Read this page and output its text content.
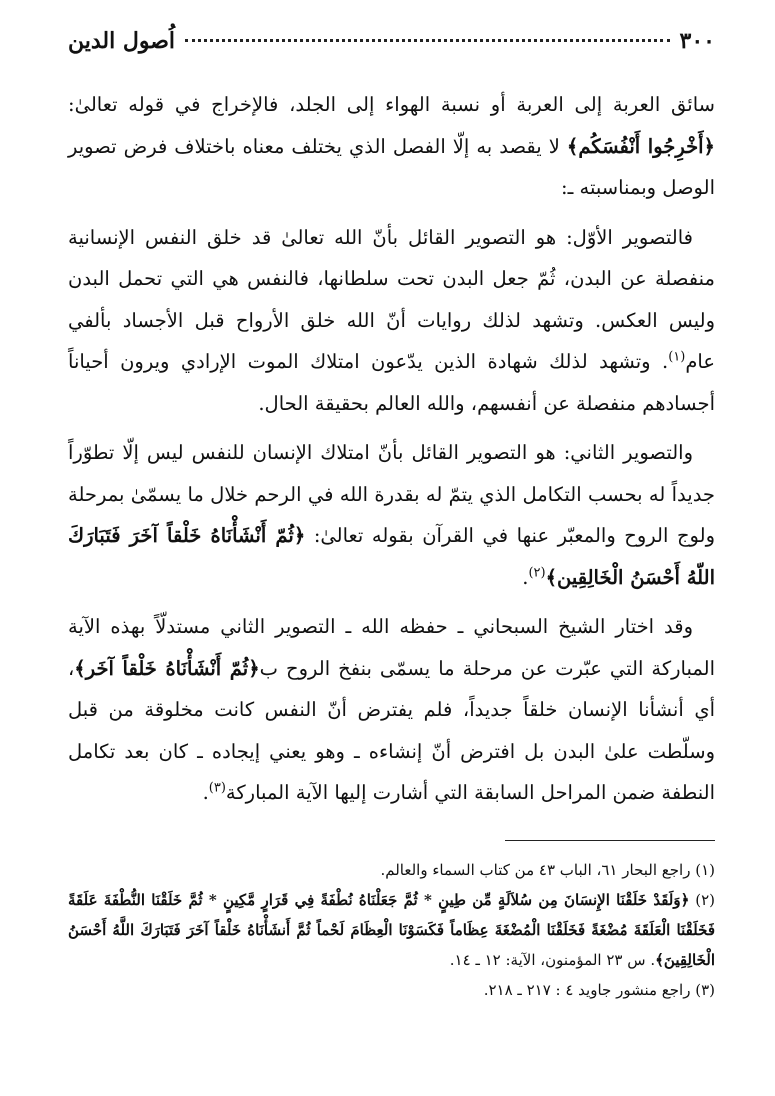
٣٠٠
اُصول الدين

سائق العربة إلى العربة أو نسبة الهواء إلى الجلد، فالإخراج في قوله تعالىٰ: ﴿أَخْرِجُوا أَنْفُسَكُم﴾ لا يقصد به إلّا الفصل الذي يختلف معناه باختلاف فرض تصوير الوصل وبمناسبته ـ:

فالتصوير الأوّل: هو التصوير القائل بأنّ الله تعالىٰ قد خلق النفس الإنسانية منفصلة عن البدن، ثُمّ جعل البدن تحت سلطانها، فالنفس هي التي تحمل البدن وليس العكس. وتشهد لذلك روايات أنّ الله خلق الأرواح قبل الأجساد بألفي عام$^{(١)}$. وتشهد لذلك شهادة الذين يدّعون امتلاك الموت الإرادي ويرون أحياناً أجسادهم منفصلة عن أنفسهم، والله العالم بحقيقة الحال.

والتصوير الثاني: هو التصوير القائل بأنّ امتلاك الإنسان للنفس ليس إلّا تطوّراً جديداً له بحسب التكامل الذي يتمّ له بقدرة الله في الرحم خلال ما يسمّىٰ بمرحلة ولوج الروح والمعبّر عنها في القرآن بقوله تعالىٰ: ﴿ثُمّ أَنْشَأْنَاهُ خَلْقاً آخَرَ فَتَبَارَكَ اللّهُ أَحْسَنُ الْخَالِقِين﴾$^{(٢)}$.

وقد اختار الشيخ السبحاني ـ حفظه الله ـ التصوير الثاني مستدلّاً بهذه الآية المباركة التي عبّرت عن مرحلة ما يسمّى بنفخ الروح ب﴿ثُمّ أَنْشَأْنَاهُ خَلْقاً آخَر﴾، أي أنشأنا الإنسان خلقاً جديداً، فلم يفترض أنّ النفس كانت مخلوقة من قبل وسلّطت علىٰ البدن بل افترض أنّ إنشاءه ـ وهو يعني إيجاده ـ كان بعد تكامل النطفة ضمن المراحل السابقة التي أشارت إليها الآية المباركة$^{(٣)}$.

(١) راجع البحار ٦١، الباب ٤٣ من كتاب السماء والعالم.

(٢) ﴿وَلَقَدْ خَلَقْنَا الإِنسَانَ مِن سُلاَلَةٍ مِّن طِينٍ * ثُمَّ جَعَلْنَاهُ نُطْفَةً فِي قَرَارٍ مَّكِينٍ * ثُمَّ خَلَقْنَا النُّطْفَةَ عَلَقَةً فَخَلَقْنَا الْعَلَقَةَ مُضْغَةً فَخَلَقْنَا الْمُضْغَةَ عِظَاماً فَكَسَوْنَا الْعِظَامَ لَحْماً ثُمَّ أَنشَأْنَاهُ خَلْقاً آخَرَ فَتَبَارَكَ اللَّهُ أَحْسَنُ الْخَالِقِينَ﴾. س ٢٣ المؤمنون، الآية: ١٢ ـ ١٤.

(٣) راجع منشور جاويد ٤ : ٢١٧ ـ ٢١٨.
